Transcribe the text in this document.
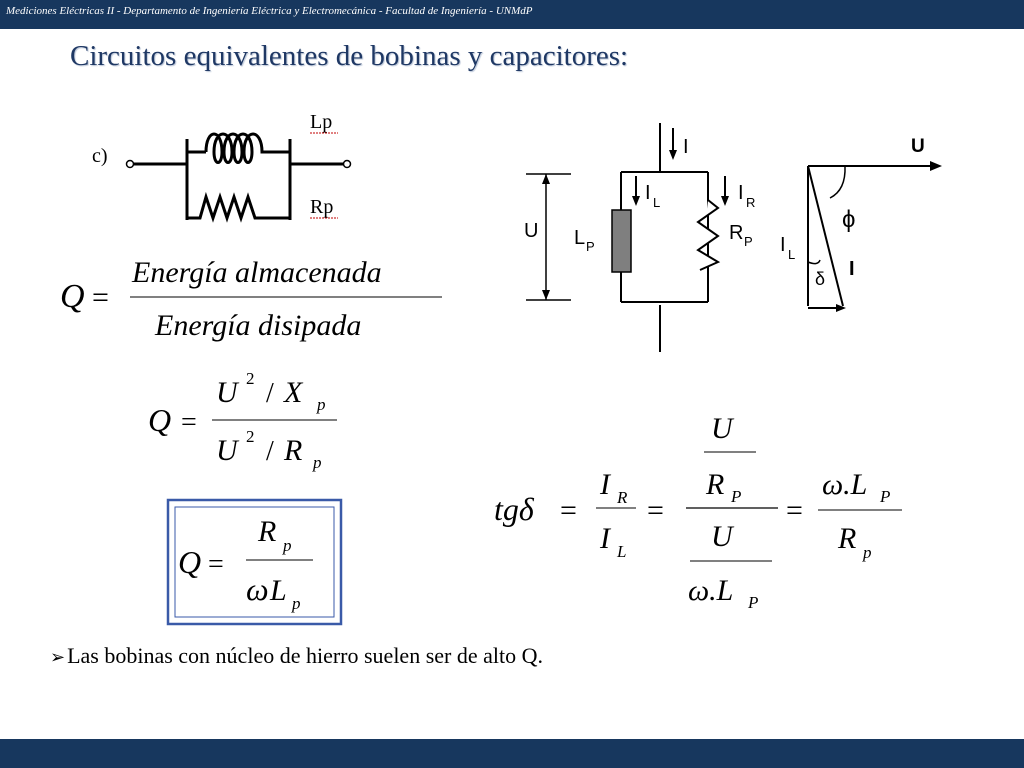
Mediciones Eléctricas II - Departamento de Ingeniería Eléctrica y Electromecánica - Facultad de Ingeniería - UNMdP
Circuitos equivalentes de bobinas y capacitores:
c)
Lp
Rp
Q =
Energía almacenada
Energía disipada
Q =
U 2 / X p
U 2 / R p
Q =
R p
ω L p
I
I L	I R
U L P
R P
U
ϕ
I L
I
δ
tgδ =
I R
I L
=
U
R P
U
ω.L P
=
ω.L P
R p
➢Las bobinas con núcleo de hierro suelen ser de alto Q.
